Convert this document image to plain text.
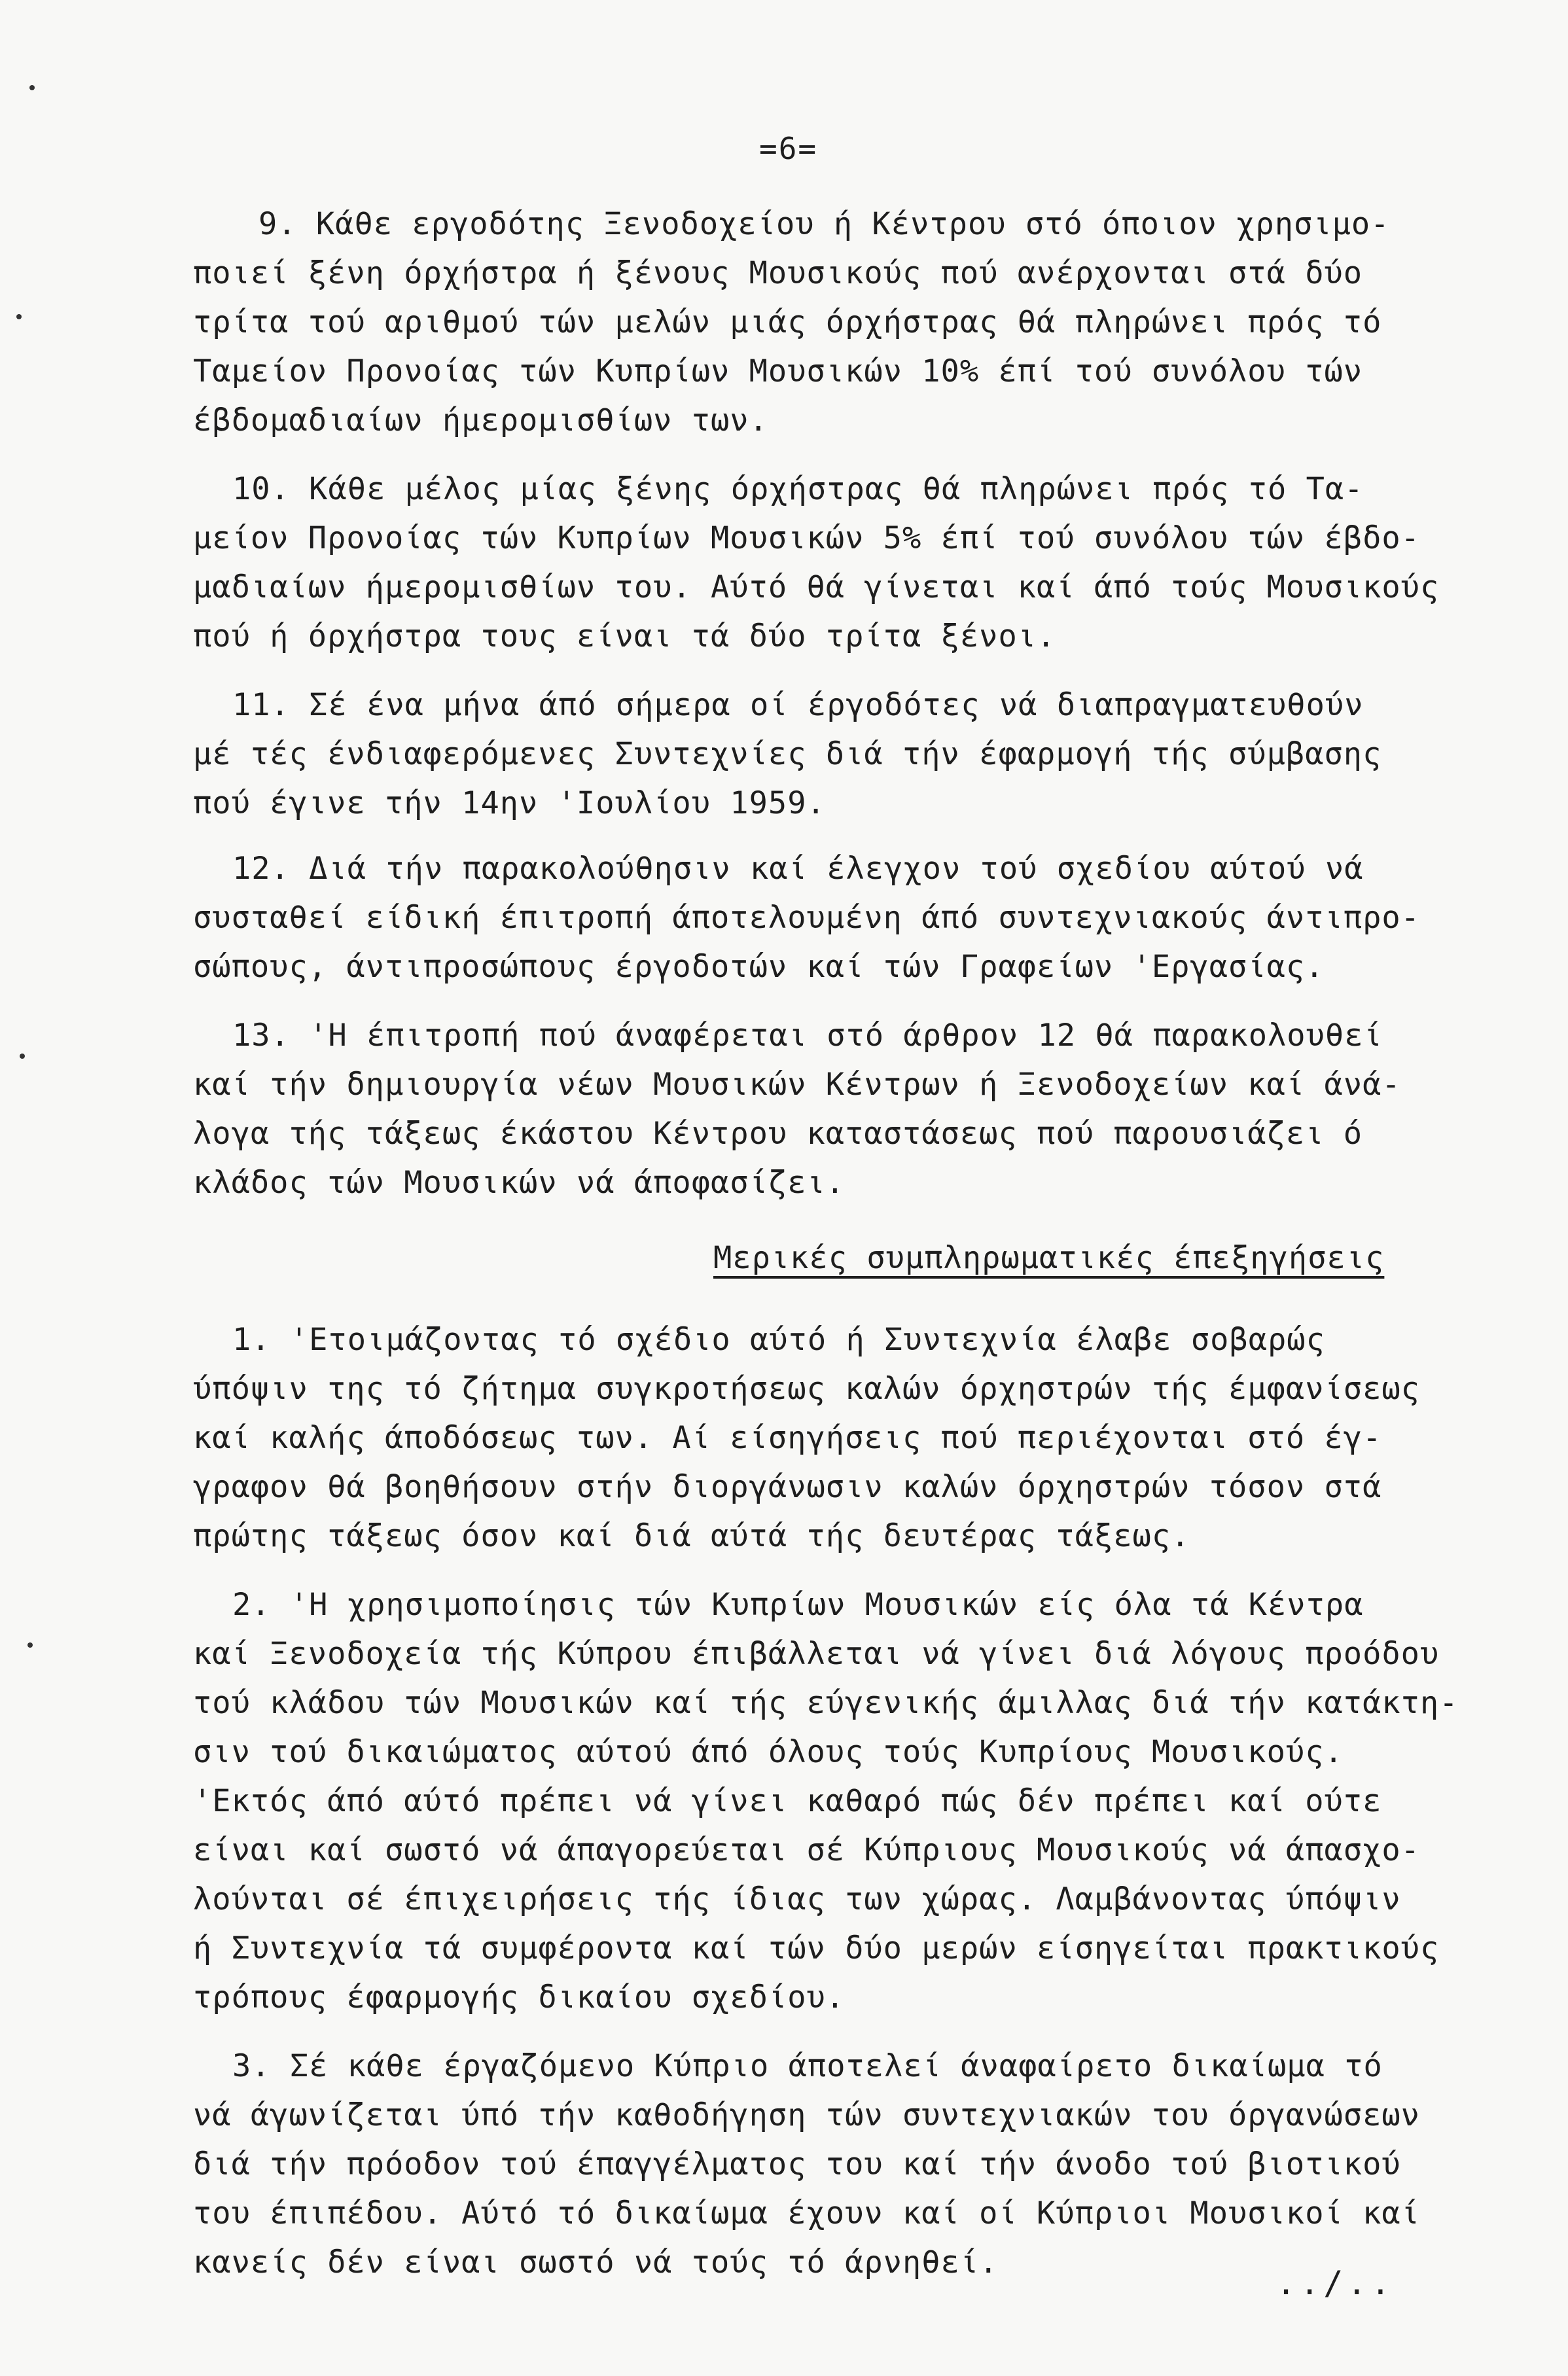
=6=
9. Κάθε εργοδότης Ξενοδοχείου ή Κέντρου στό όποιον χρησιμο-
ποιεί ξένη όρχήστρα ή ξένους Μουσικούς πού ανέρχονται στά δύο
τρίτα τού αριθμού τών μελών μιάς όρχήστρας θά πληρώνει πρός τό
Ταμείον Προνοίας τών Κυπρίων Μουσικών 10% έπί τού συνόλου τών
έβδομαδιαίων ήμερομισθίων των.
10. Κάθε μέλος μίας ξένης όρχήστρας θά πληρώνει πρός τό Τα-
μείον Προνοίας τών Κυπρίων Μουσικών 5% έπί τού συνόλου τών έβδο-
μαδιαίων ήμερομισθίων του. Αύτό θά γίνεται καί άπό τούς Μουσικούς
πού ή όρχήστρα τους είναι τά δύο τρίτα ξένοι.
11. Σέ ένα μήνα άπό σήμερα οί έργοδότες νά διαπραγματευθούν
μέ τές ένδιαφερόμενες Συντεχνίες διά τήν έφαρμογή τής σύμβασης
πού έγινε τήν 14ην 'Ιουλίου 1959.
12. Διά τήν παρακολούθησιν καί έλεγχον τού σχεδίου αύτού νά
συσταθεί είδική έπιτροπή άποτελουμένη άπό συντεχνιακούς άντιπρο-
σώπους, άντιπροσώπους έργοδοτών καί τών Γραφείων 'Εργασίας.
13. 'Η έπιτροπή πού άναφέρεται στό άρθρον 12 θά παρακολουθεί
καί τήν δημιουργία νέων Μουσικών Κέντρων ή Ξενοδοχείων καί άνά-
λογα τής τάξεως έκάστου Κέντρου καταστάσεως πού παρουσιάζει ό
κλάδος τών Μουσικών νά άποφασίζει.
Μερικές συμπληρωματικές έπεξηγήσεις
1. 'Ετοιμάζοντας τό σχέδιο αύτό ή Συντεχνία έλαβε σοβαρώς
ύπόψιν της τό ζήτημα συγκροτήσεως καλών όρχηστρών τής έμφανίσεως
καί καλής άποδόσεως των. Αί είσηγήσεις πού περιέχονται στό έγ-
γραφον θά βοηθήσουν στήν διοργάνωσιν καλών όρχηστρών τόσον στά
πρώτης τάξεως όσον καί διά αύτά τής δευτέρας τάξεως.
2. 'Η χρησιμοποίησις τών Κυπρίων Μουσικών είς όλα τά Κέντρα
καί Ξενοδοχεία τής Κύπρου έπιβάλλεται νά γίνει διά λόγους προόδου
τού κλάδου τών Μουσικών καί τής εύγενικής άμιλλας διά τήν κατάκτη-
σιν τού δικαιώματος αύτού άπό όλους τούς Κυπρίους Μουσικούς.
'Εκτός άπό αύτό πρέπει νά γίνει καθαρό πώς δέν πρέπει καί ούτε
είναι καί σωστό νά άπαγορεύεται σέ Κύπριους Μουσικούς νά άπασχο-
λούνται σέ έπιχειρήσεις τής ίδιας των χώρας. Λαμβάνοντας ύπόψιν
ή Συντεχνία τά συμφέροντα καί τών δύο μερών είσηγείται πρακτικούς
τρόπους έφαρμογής δικαίου σχεδίου.
3. Σέ κάθε έργαζόμενο Κύπριο άποτελεί άναφαίρετο δικαίωμα τό
νά άγωνίζεται ύπό τήν καθοδήγηση τών συντεχνιακών του όργανώσεων
διά τήν πρόοδον τού έπαγγέλματος του καί τήν άνοδο τού βιοτικού
του έπιπέδου. Αύτό τό δικαίωμα έχουν καί οί Κύπριοι Μουσικοί καί
κανείς δέν είναι σωστό νά τούς τό άρνηθεί.
../..
